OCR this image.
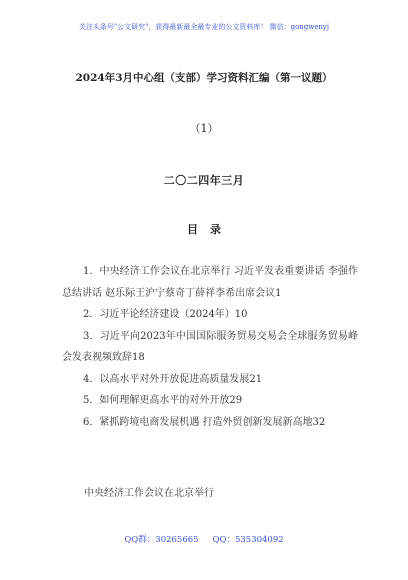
关注头条号"公文研究"，获得最新最全最专业的公文资料库！ 微信：gongwenyj
2024年3月中心组（支部）学习资料汇编（第一议题）
（1）
二〇二四年三月
目 录

1．中央经济工作会议在北京举行 习近平发表重要讲话 李强作总结讲话 赵乐际王沪宁蔡奇丁薛祥李希出席会议1

2．习近平论经济建设（2024年）10

3．习近平向2023年中国国际服务贸易交易会全球服务贸易峰会发表视频致辞18

4．以高水平对外开放促进高质量发展21

5．如何理解更高水平的对外开放29

6．紧抓跨境电商发展机遇 打造外贸创新发展新高地32

中央经济工作会议在北京举行
QQ群：30265665 QQ：535304092
